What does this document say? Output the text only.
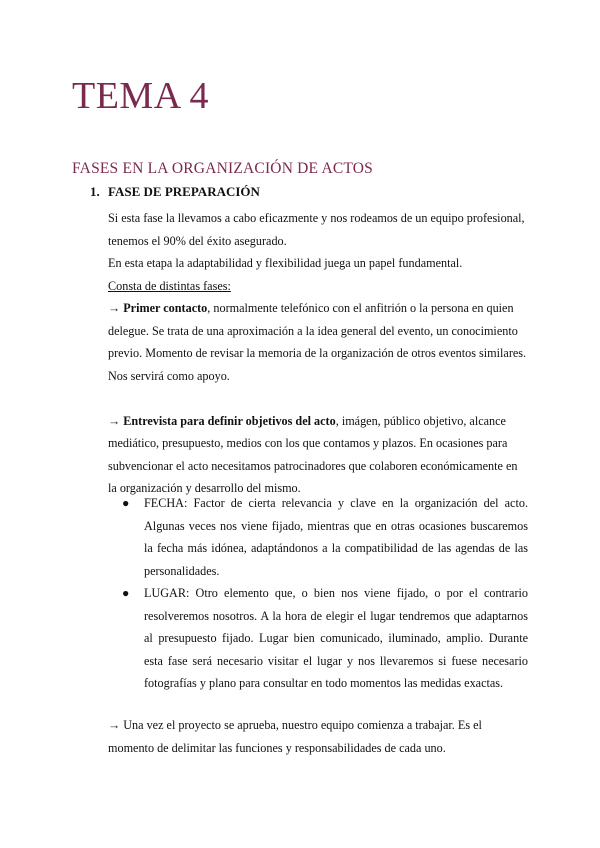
TEMA 4
FASES EN LA ORGANIZACIÓN DE ACTOS
1. FASE DE PREPARACIÓN

Si esta fase la llevamos a cabo eficazmente y nos rodeamos de un equipo profesional, tenemos el 90% del éxito asegurado.

En esta etapa la adaptabilidad y flexibilidad juega un papel fundamental.

Consta de distintas fases:

→ Primer contacto, normalmente telefónico con el anfitrión o la persona en quien delegue. Se trata de una aproximación a la idea general del evento, un conocimiento previo. Momento de revisar la memoria de la organización de otros eventos similares. Nos servirá como apoyo.

→ Entrevista para definir objetivos del acto, imágen, público objetivo, alcance mediático, presupuesto, medios con los que contamos y plazos. En ocasiones para subvencionar el acto necesitamos patrocinadores que colaboren económicamente en la organización y desarrollo del mismo.

● FECHA: Factor de cierta relevancia y clave en la organización del acto. Algunas veces nos viene fijado, mientras que en otras ocasiones buscaremos la fecha más idónea, adaptándonos a la compatibilidad de las agendas de las personalidades.
● LUGAR: Otro elemento que, o bien nos viene fijado, o por el contrario resolveremos nosotros. A la hora de elegir el lugar tendremos que adaptarnos al presupuesto fijado. Lugar bien comunicado, iluminado, amplio. Durante esta fase será necesario visitar el lugar y nos llevaremos si fuese necesario fotografías y plano para consultar en todo momentos las medidas exactas.

→ Una vez el proyecto se aprueba, nuestro equipo comienza a trabajar. Es el momento de delimitar las funciones y responsabilidades de cada uno.
